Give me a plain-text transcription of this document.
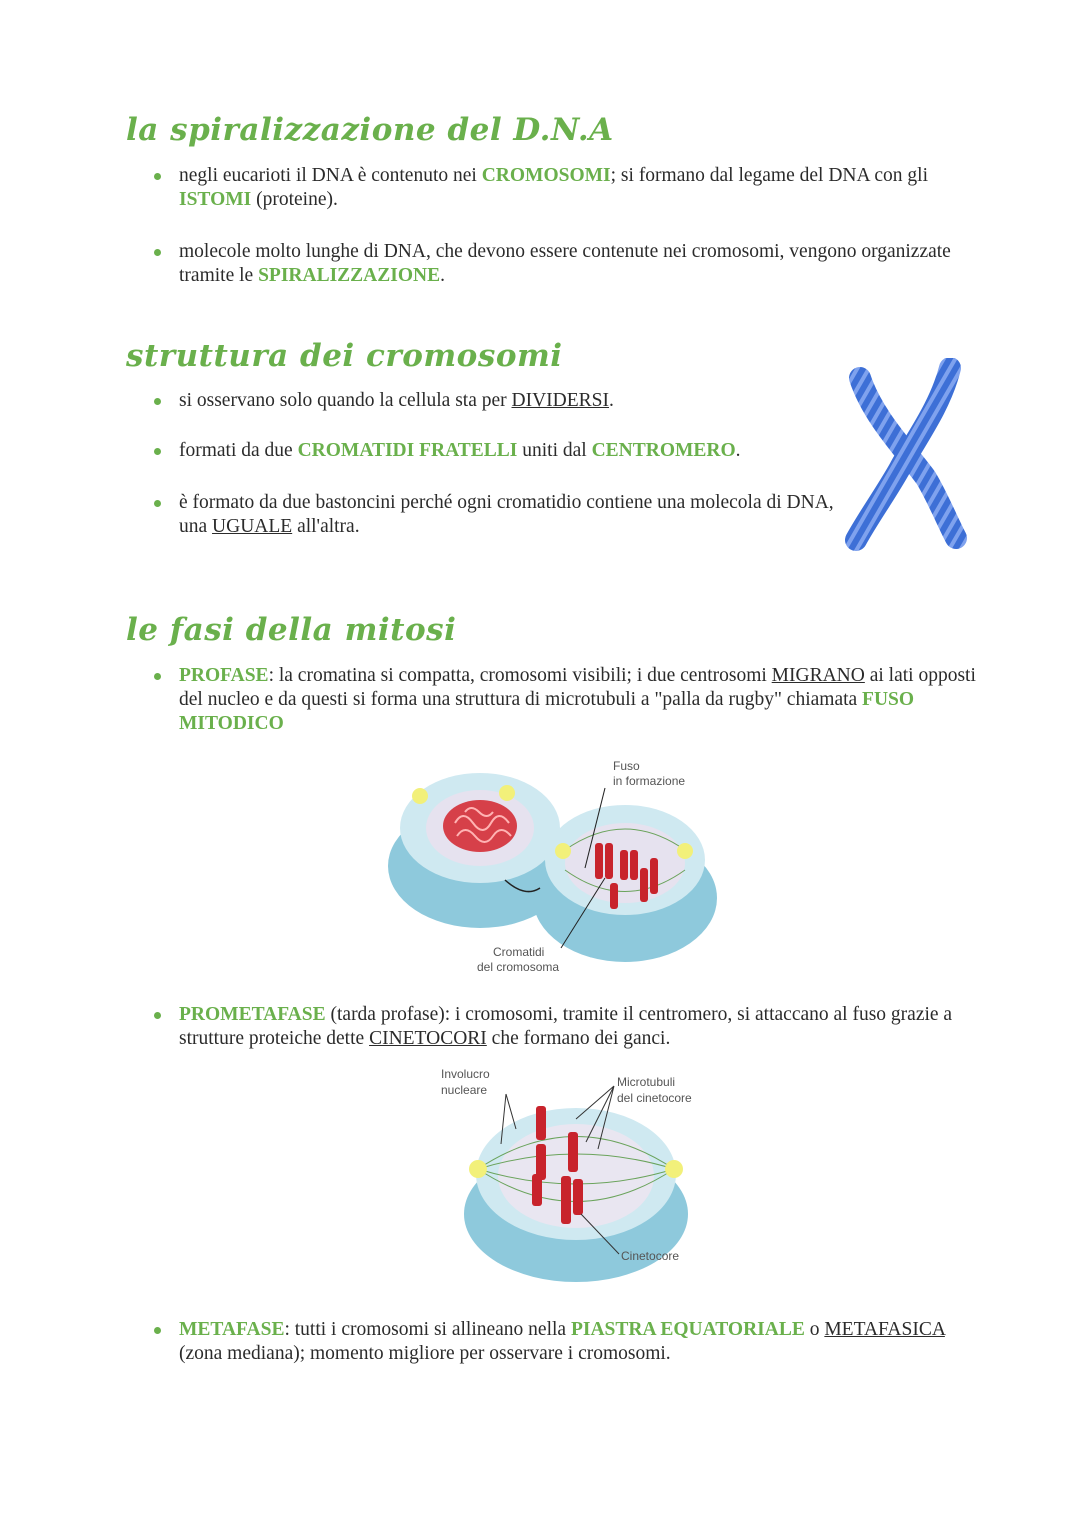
la spiralizzazione del D.N.A
negli eucarioti il DNA è contenuto nei CROMOSOMI; si formano dal legame del DNA con gli ISTOMI (proteine).
molecole molto lunghe di DNA, che devono essere contenute nei cromosomi, vengono organizzate tramite le SPIRALIZZAZIONE.
struttura dei cromosomi
si osservano solo quando la cellula sta per DIVIDERSI.
formati da due CROMATIDI FRATELLI uniti dal CENTROMERO.
è formato da due bastoncini perché ogni cromatidio contiene una molecola di DNA, una UGUALE all'altra.
le fasi della mitosi
PROFASE: la cromatina si compatta, cromosomi visibili; i due centrosomi MIGRANO ai lati opposti del nucleo e da questi si forma una struttura di microtubuli a "palla da rugby" chiamata FUSO MITODICO
Fuso
in formazione
Cromatidi
del cromosoma
PROMETAFASE (tarda profase): i cromosomi, tramite il centromero, si attaccano al fuso grazie a strutture proteiche dette CINETOCORI che formano dei ganci.
Involucro
nucleare
Microtubuli
del cinetocore
Cinetocore
METAFASE: tutti i cromosomi si allineano nella PIASTRA EQUATORIALE o METAFASICA (zona mediana); momento migliore per osservare i cromosomi.
